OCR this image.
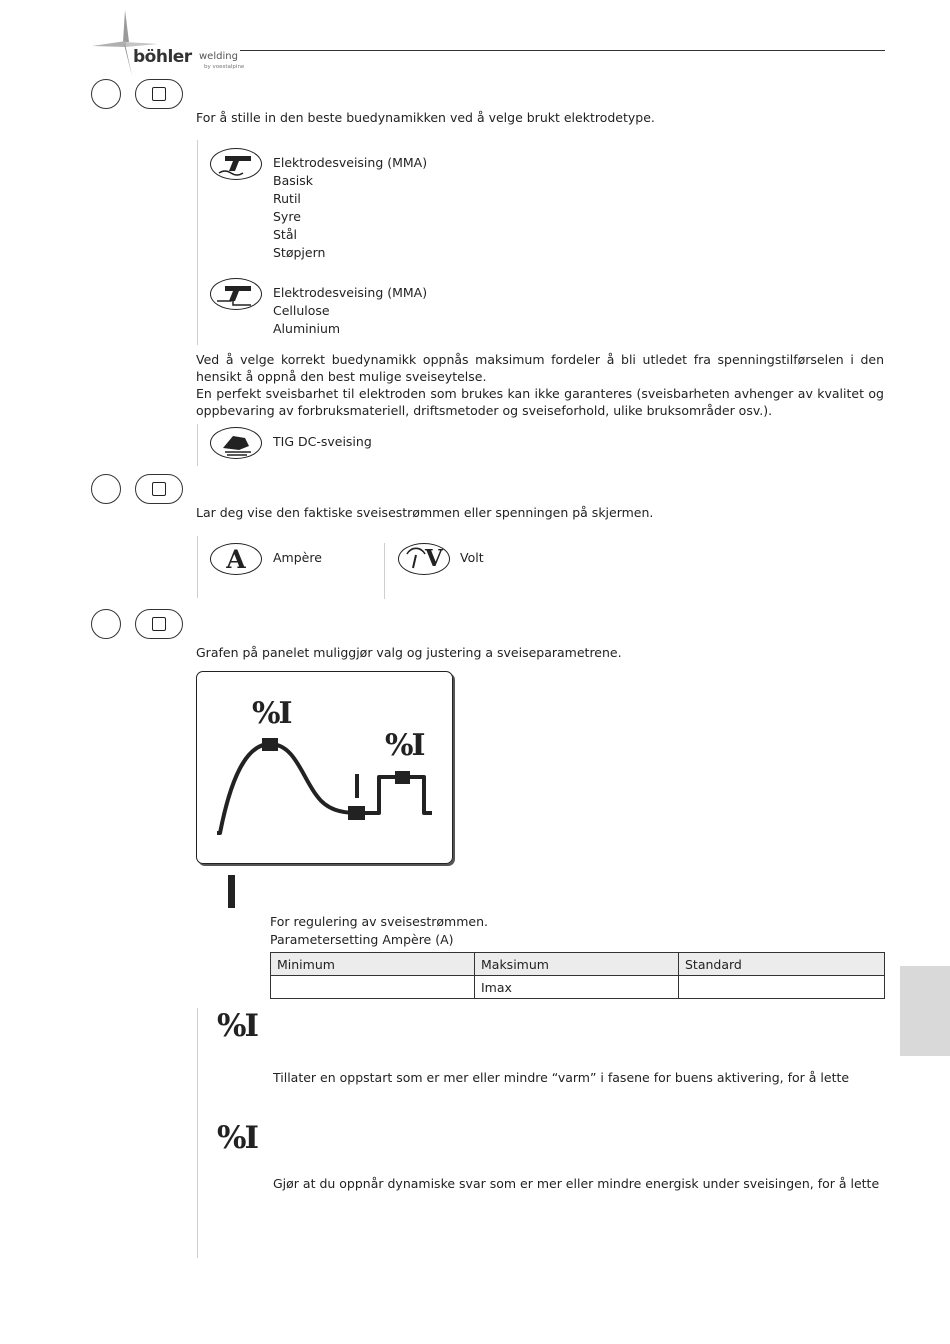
böhler welding
by voestalpine
For å stille in den beste buedynamikken ved å velge brukt elektrodetype.
Elektrodesveising (MMA)
Basisk
Rutil
Syre
Stål
Støpjern
Elektrodesveising (MMA)
Cellulose
Aluminium
Ved å velge korrekt buedynamikk oppnås maksimum fordeler å bli utledet fra spenningstilførselen i den
hensikt å oppnå den best mulige sveiseytelse.
En perfekt sveisbarhet til elektroden som brukes kan ikke garanteres (sveisbarheten avhenger av kvalitet og
oppbevaring av forbruksmateriell, driftsmetoder og sveiseforhold, ulike bruksområder osv.).
TIG DC-sveising
Lar deg vise den faktiske sveisestrømmen eller spenningen på skjermen.
A	Ampère	V Volt
Grafen på panelet muliggjør valg og justering a sveiseparametrene.
%I
%I
For regulering av sveisestrømmen.
Parametersetting Ampère (A)
Minimum	Maksimum	Standard
	Imax	
%I
Tillater en oppstart som er mer eller mindre “varm” i fasene for buens aktivering, for å lette
%I
Gjør at du oppnår dynamiske svar som er mer eller mindre energisk under sveisingen, for å lette
